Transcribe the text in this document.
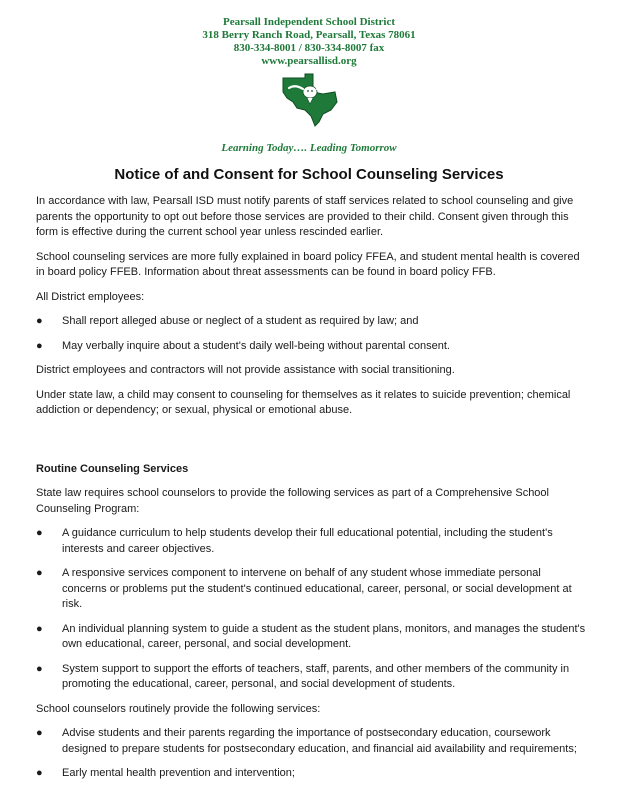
Pearsall Independent School District
318 Berry Ranch Road, Pearsall, Texas 78061
830-334-8001 / 830-334-8007 fax
www.pearsallisd.org
Learning Today…. Leading Tomorrow
Notice of and Consent for School Counseling Services

In accordance with law, Pearsall ISD must notify parents of staff services related to school counseling and give parents the opportunity to opt out before those services are provided to their child. Consent given through this form is effective during the current school year unless rescinded earlier.

School counseling services are more fully explained in board policy FFEA, and student mental health is covered in board policy FFEB. Information about threat assessments can be found in board policy FFB.

All District employees:

● Shall report alleged abuse or neglect of a student as required by law; and
● May verbally inquire about a student's daily well-being without parental consent.

District employees and contractors will not provide assistance with social transitioning.

Under state law, a child may consent to counseling for themselves as it relates to suicide prevention; chemical addiction or dependency; or sexual, physical or emotional abuse.

Routine Counseling Services

State law requires school counselors to provide the following services as part of a Comprehensive School Counseling Program:

● A guidance curriculum to help students develop their full educational potential, including the student's interests and career objectives.
● A responsive services component to intervene on behalf of any student whose immediate personal concerns or problems put the student's continued educational, career, personal, or social development at risk.
● An individual planning system to guide a student as the student plans, monitors, and manages the student's own educational, career, personal, and social development.
● System support to support the efforts of teachers, staff, parents, and other members of the community in promoting the educational, career, personal, and social development of students.

School counselors routinely provide the following services:

● Advise students and their parents regarding the importance of postsecondary education, coursework designed to prepare students for postsecondary education, and financial aid availability and requirements;
● Early mental health prevention and intervention;
